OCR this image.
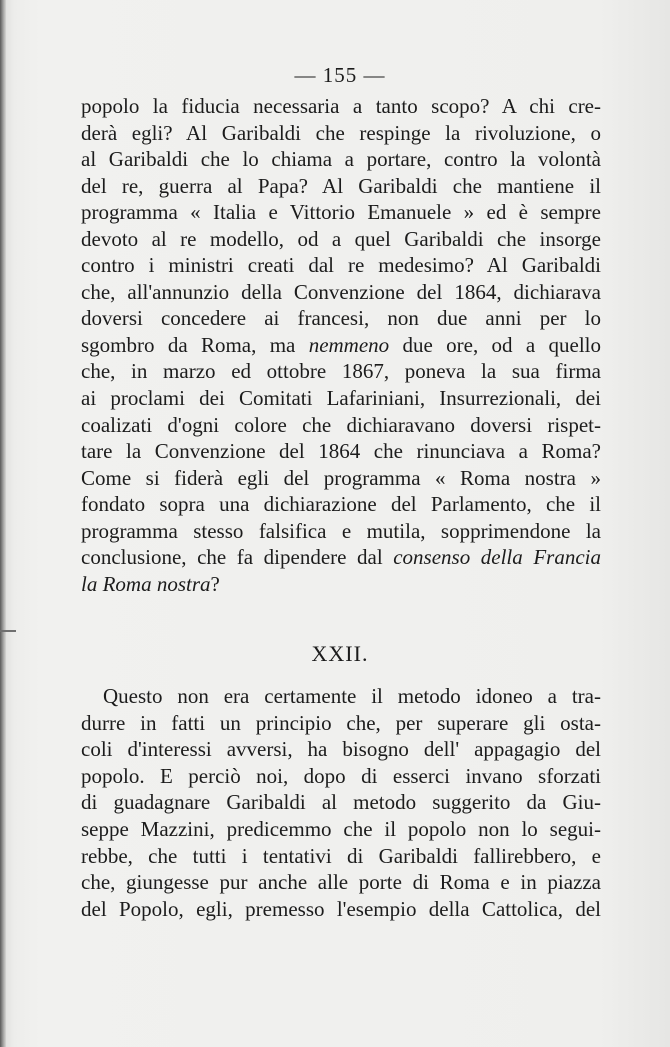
— 155 —
popolo la fiducia necessaria a tanto scopo? A chi cre-
derà egli? Al Garibaldi che respinge la rivoluzione, o
al Garibaldi che lo chiama a portare, contro la volontà
del re, guerra al Papa? Al Garibaldi che mantiene il
programma « Italia e Vittorio Emanuele » ed è sempre
devoto al re modello, od a quel Garibaldi che insorge
contro i ministri creati dal re medesimo? Al Garibaldi
che, all'annunzio della Convenzione del 1864, dichiarava
doversi concedere ai francesi, non due anni per lo
sgombro da Roma, ma nemmeno due ore, od a quello
che, in marzo ed ottobre 1867, poneva la sua firma
ai proclami dei Comitati Lafariniani, Insurrezionali, dei
coalizati d'ogni colore che dichiaravano doversi rispet-
tare la Convenzione del 1864 che rinunciava a Roma?
Come si fiderà egli del programma « Roma nostra »
fondato sopra una dichiarazione del Parlamento, che il
programma stesso falsifica e mutila, sopprimendone la
conclusione, che fa dipendere dal consenso della Francia
la Roma nostra?
XXII.
Questo non era certamente il metodo idoneo a tra-
durre in fatti un principio che, per superare gli osta-
coli d'interessi avversi, ha bisogno dell' appagagio del
popolo. E perciò noi, dopo di esserci invano sforzati
di guadagnare Garibaldi al metodo suggerito da Giu-
seppe Mazzini, predicemmo che il popolo non lo segui-
rebbe, che tutti i tentativi di Garibaldi fallirebbero, e
che, giungesse pur anche alle porte di Roma e in piazza
del Popolo, egli, premesso l'esempio della Cattolica, del
